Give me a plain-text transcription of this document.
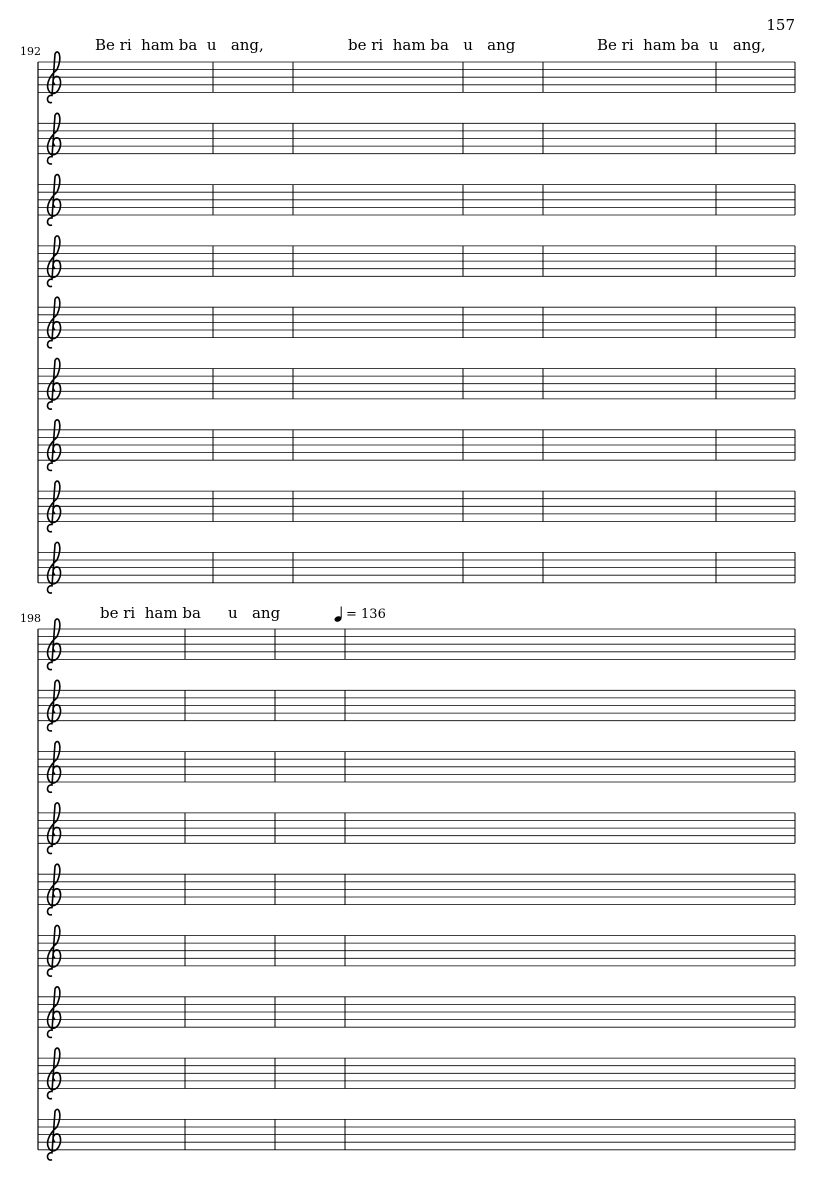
157
192	Be ri  ham ba  u   ang,	be ri  ham ba   u   ang	Be ri  ham ba  u   ang,
198	be ri  ham ba u   ang	= 136
